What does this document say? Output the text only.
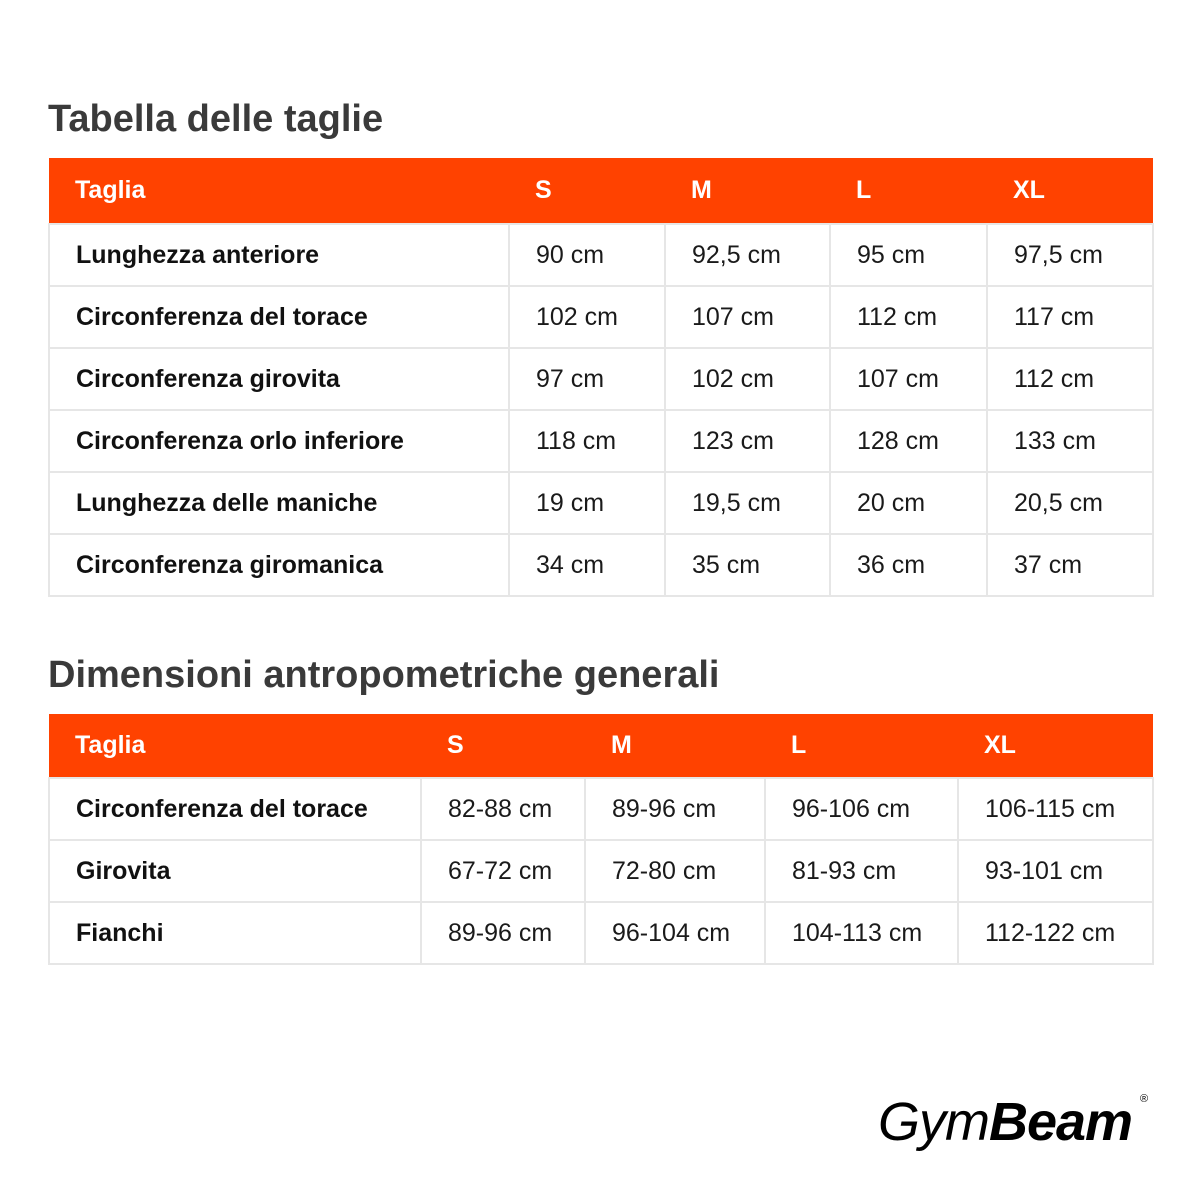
Tabella delle taglie
Taglia	S	M	L	XL
Lunghezza anteriore	90 cm	92,5 cm	95 cm	97,5 cm
Circonferenza del torace	102 cm	107 cm	112 cm	117 cm
Circonferenza girovita	97 cm	102 cm	107 cm	112 cm
Circonferenza orlo inferiore	118 cm	123 cm	128 cm	133 cm
Lunghezza delle maniche	19 cm	19,5 cm	20 cm	20,5 cm
Circonferenza giromanica	34 cm	35 cm	36 cm	37 cm
Dimensioni antropometriche generali
Taglia	S	M	L	XL
Circonferenza del torace	82-88 cm	89-96 cm	96-106 cm	106-115 cm
Girovita	67-72 cm	72-80 cm	81-93 cm	93-101 cm
Fianchi	89-96 cm	96-104 cm	104-113 cm	112-122 cm
GymBeam ®
